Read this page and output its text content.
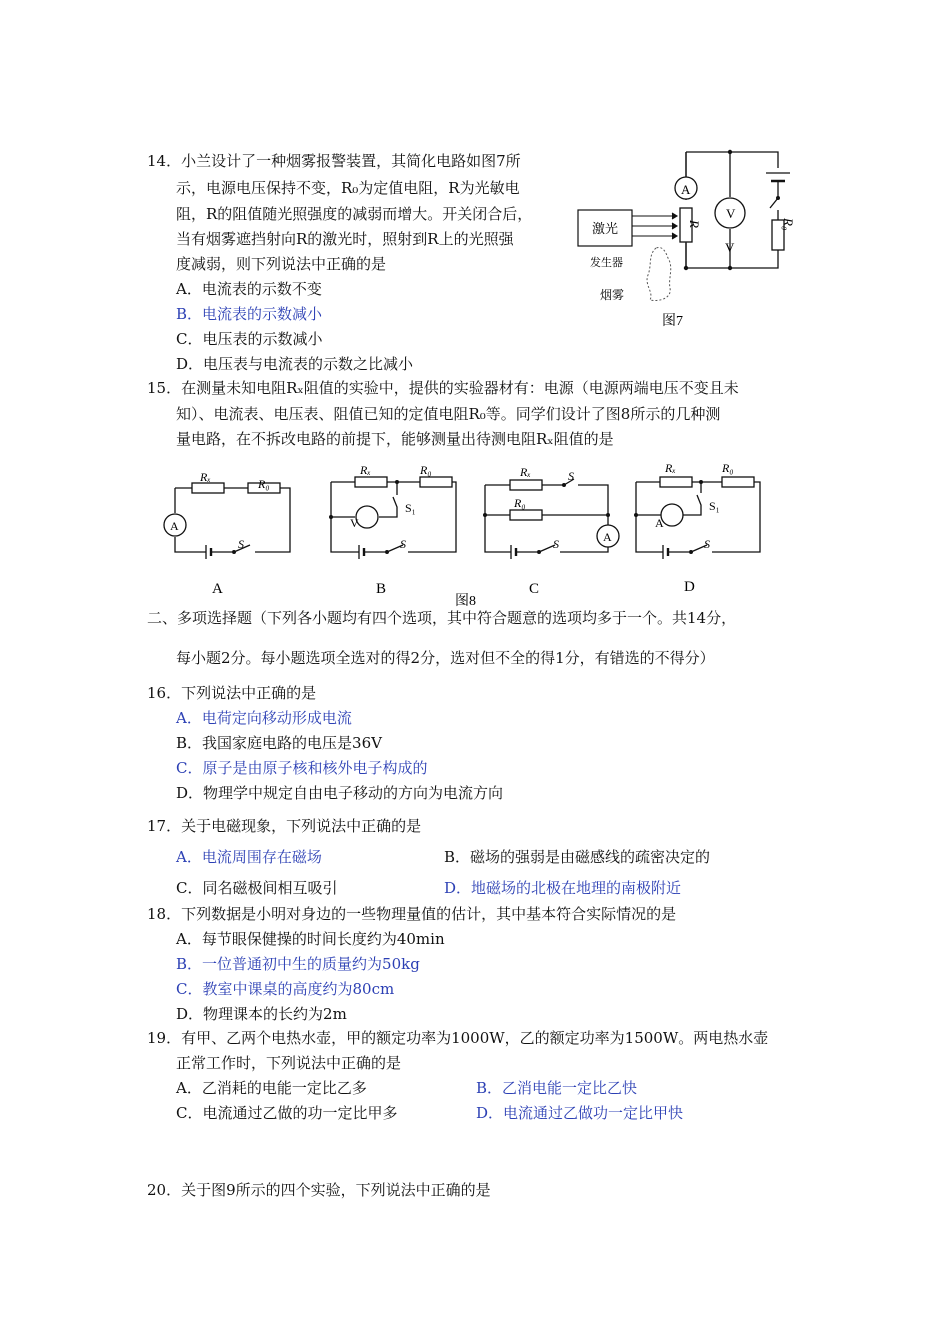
14．小兰设计了一种烟雾报警装置，其简化电路如图7所
示，电源电压保持不变，R₀为定值电阻，R为光敏电
阻，R的阻值随光照强度的减弱而增大。开关闭合后，
当有烟雾遮挡射向R的激光时，照射到R上的光照强
度减弱，则下列说法中正确的是
A．电流表的示数不变
B．电流表的示数减小
C．电压表的示数减小
D．电压表与电流表的示数之比减小
A
R
V
V
R₀
激光
发生器
烟雾
图7
15．在测量未知电阻Rₓ阻值的实验中，提供的实验器材有：电源（电源两端电压不变且未
知）、电流表、电压表、阻值已知的定值电阻R₀等。同学们设计了图8所示的几种测
量电路，在不拆改电路的前提下，能够测量出待测电阻Rₓ阻值的是
Rₓ	R₀
A
S
A
Rₓ	R₀
V
S₁
S
B
Rₓ
R₀
S
A
S
C
Rₓ	R₀
A
S₁
S
D
图8
二、多项选择题（下列各小题均有四个选项，其中符合题意的选项均多于一个。共14分，
每小题2分。每小题选项全选对的得2分，选对但不全的得1分，有错选的不得分）
16．下列说法中正确的是
A．电荷定向移动形成电流
B．我国家庭电路的电压是36V
C．原子是由原子核和核外电子构成的
D．物理学中规定自由电子移动的方向为电流方向
17．关于电磁现象，下列说法中正确的是
A．电流周围存在磁场	B．磁场的强弱是由磁感线的疏密决定的
C．同名磁极间相互吸引	D．地磁场的北极在地理的南极附近
18．下列数据是小明对身边的一些物理量值的估计，其中基本符合实际情况的是
A．每节眼保健操的时间长度约为40min
B．一位普通初中生的质量约为50kg
C．教室中课桌的高度约为80cm
D．物理课本的长约为2m
19．有甲、乙两个电热水壶，甲的额定功率为1000W，乙的额定功率为1500W。两电热水壶
正常工作时，下列说法中正确的是
A．乙消耗的电能一定比乙多	B．乙消电能一定比乙快
C．电流通过乙做的功一定比甲多	D．电流通过乙做功一定比甲快
20．关于图9所示的四个实验，下列说法中正确的是
